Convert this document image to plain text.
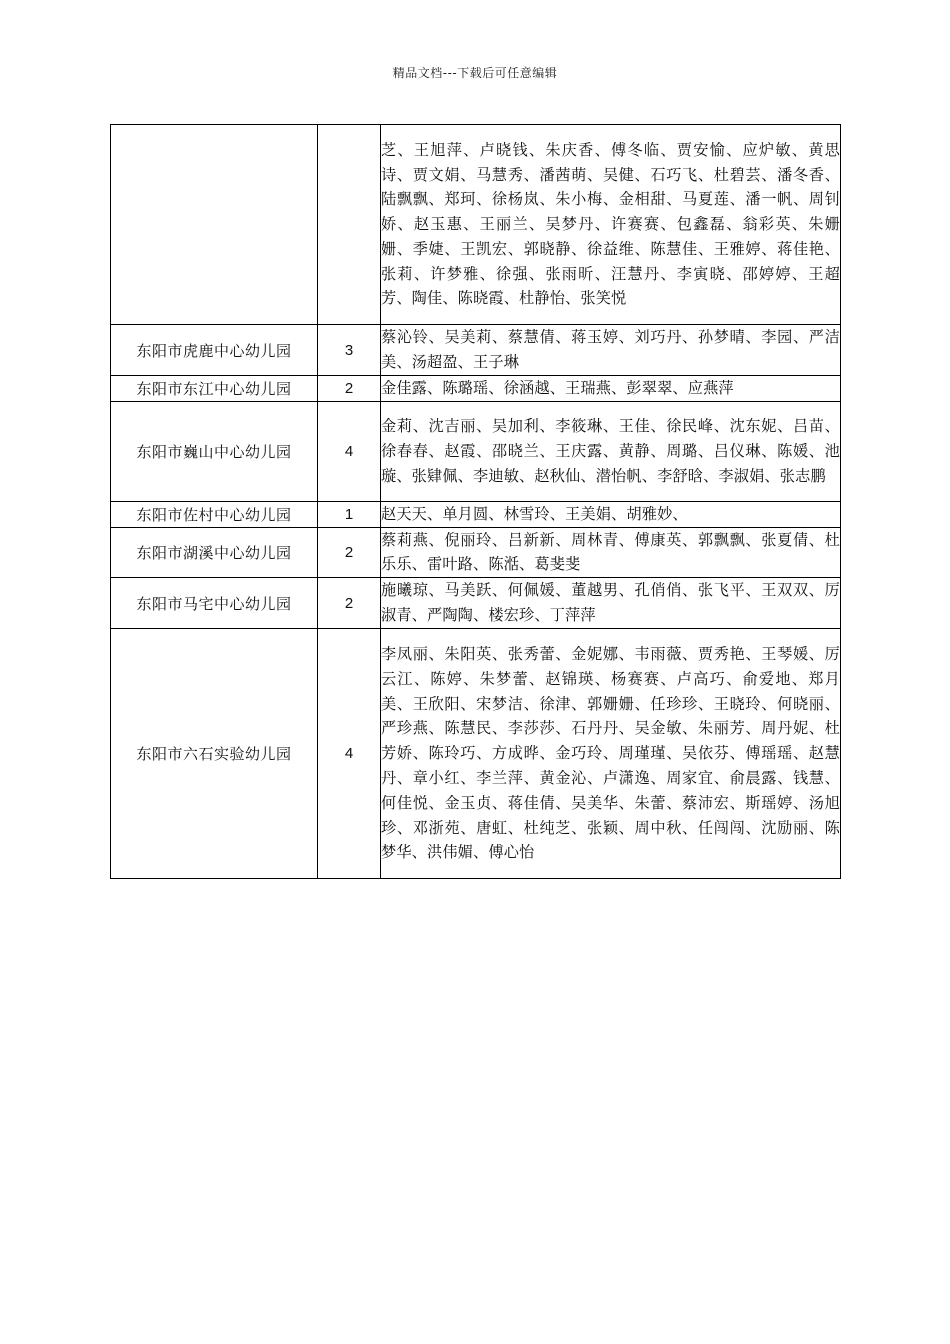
精品文档---下载后可任意编辑
		芝、王旭萍、卢晓钱、朱庆香、傅冬临、贾安愉、应炉敏、黄思诗、贾文娟、马慧秀、潘茜萌、吴健、石巧飞、杜碧芸、潘冬香、陆飘飘、郑珂、徐杨岚、朱小梅、金相甜、马夏莲、潘一帆、周钊娇、赵玉惠、王丽兰、吴梦丹、许赛赛、包鑫磊、翁彩英、朱姗姗、季婕、王凯宏、郭晓静、徐益维、陈慧佳、王雅婷、蒋佳艳、张莉、许梦雅、徐强、张雨昕、汪慧丹、李寅晓、邵婷婷、王超芳、陶佳、陈晓霞、杜静怡、张笑悦
东阳市虎鹿中心幼儿园	3	蔡沁铃、吴美莉、蔡慧倩、蒋玉婷、刘巧丹、孙梦晴、李园、严洁美、汤超盈、王子琳
东阳市东江中心幼儿园	2	金佳露、陈璐瑶、徐涵越、王瑞燕、彭翠翠、应燕萍
东阳市巍山中心幼儿园	4	金莉、沈吉丽、吴加利、李筱琳、王佳、徐民峰、沈东妮、吕苗、徐春春、赵霞、邵晓兰、王庆露、黄静、周璐、吕仪琳、陈媛、池璇、张肄佩、李迪敏、赵秋仙、潜怡帆、李舒晗、李淑娟、张志鹏
东阳市佐村中心幼儿园	1	赵天天、单月圆、林雪玲、王美娟、胡雅妙、
东阳市湖溪中心幼儿园	2	蔡莉燕、倪丽玲、吕新新、周林青、傅康英、郭飘飘、张夏倩、杜乐乐、雷叶路、陈湉、葛斐斐
东阳市马宅中心幼儿园	2	施曦琼、马美跃、何佩媛、董越男、孔俏俏、张飞平、王双双、厉淑青、严陶陶、楼宏珍、丁萍萍
东阳市六石实验幼儿园	4	李凤丽、朱阳英、张秀蕾、金妮娜、韦雨薇、贾秀艳、王琴媛、厉云江、陈婷、朱梦蕾、赵锦瑛、杨赛赛、卢高巧、俞爱地、郑月美、王欣阳、宋梦洁、徐津、郭姗姗、任珍珍、王晓玲、何晓丽、严珍燕、陈慧民、李莎莎、石丹丹、吴金敏、朱丽芳、周丹妮、杜芳娇、陈玲巧、方成晔、金巧玲、周瑾瑾、吴依芬、傅瑶瑶、赵慧丹、章小红、李兰萍、黄金沁、卢潇逸、周家宜、俞晨露、钱慧、何佳悦、金玉贞、蒋佳倩、吴美华、朱蕾、蔡沛宏、斯瑶婷、汤旭珍、邓浙苑、唐虹、杜纯芝、张颖、周中秋、任闯闯、沈励丽、陈梦华、洪伟媚、傅心怡
